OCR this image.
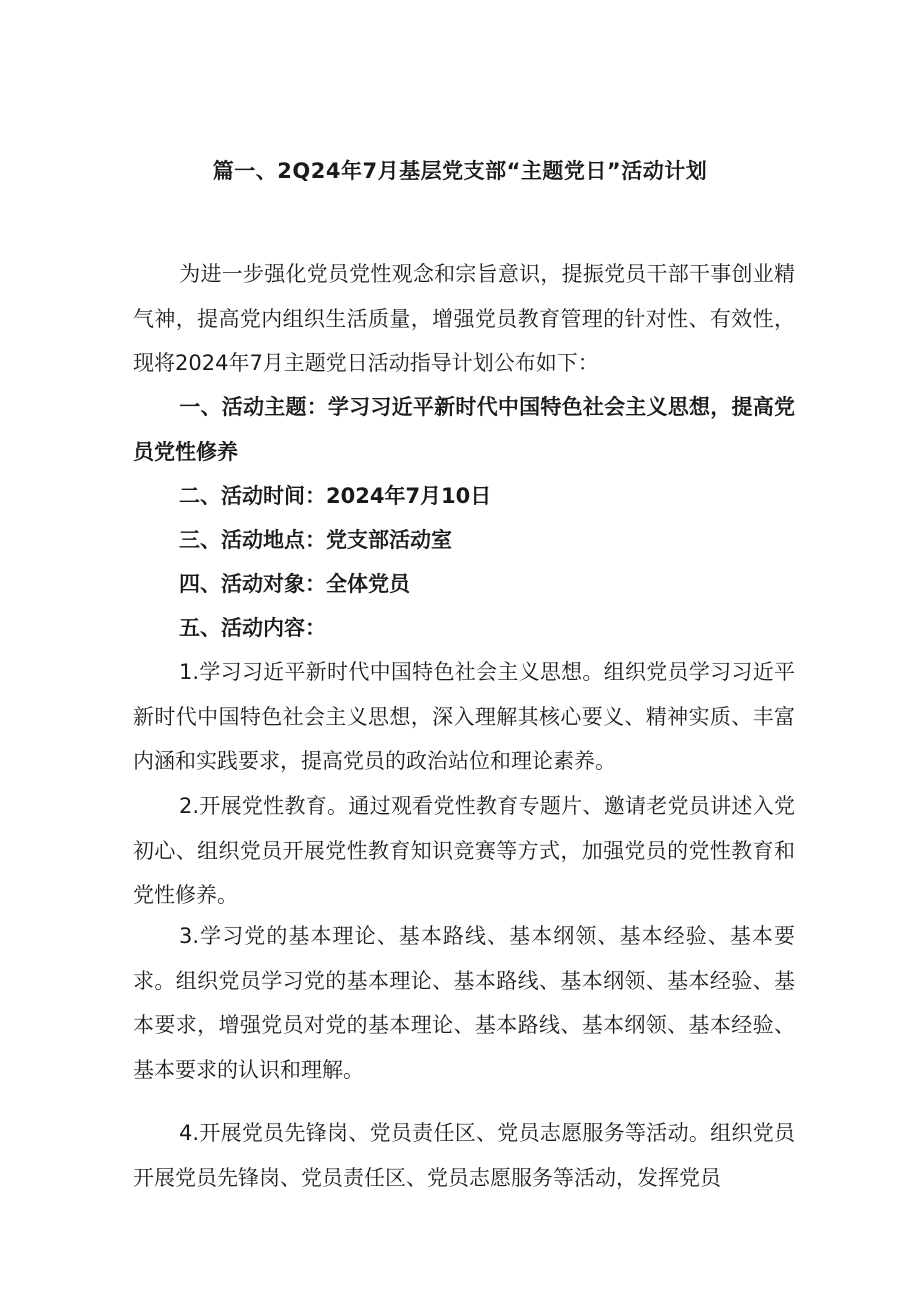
篇一、2Q24年7月基层党支部“主题党日”活动计划

为进一步强化党员党性观念和宗旨意识，提振党员干部干事创业精气神，提高党内组织生活质量，增强党员教育管理的针对性、有效性，现将2024年7月主题党日活动指导计划公布如下：

一、活动主题：学习习近平新时代中国特色社会主义思想，提高党员党性修养

二、活动时间：2024年7月10日

三、活动地点：党支部活动室

四、活动对象：全体党员

五、活动内容：

1.学习习近平新时代中国特色社会主义思想。组织党员学习习近平新时代中国特色社会主义思想，深入理解其核心要义、精神实质、丰富内涵和实践要求，提高党员的政治站位和理论素养。

2.开展党性教育。通过观看党性教育专题片、邀请老党员讲述入党初心、组织党员开展党性教育知识竞赛等方式，加强党员的党性教育和党性修养。

3.学习党的基本理论、基本路线、基本纲领、基本经验、基本要求。组织党员学习党的基本理论、基本路线、基本纲领、基本经验、基本要求，增强党员对党的基本理论、基本路线、基本纲领、基本经验、基本要求的认识和理解。

4.开展党员先锋岗、党员责任区、党员志愿服务等活动。组织党员开展党员先锋岗、党员责任区、党员志愿服务等活动，发挥党员
